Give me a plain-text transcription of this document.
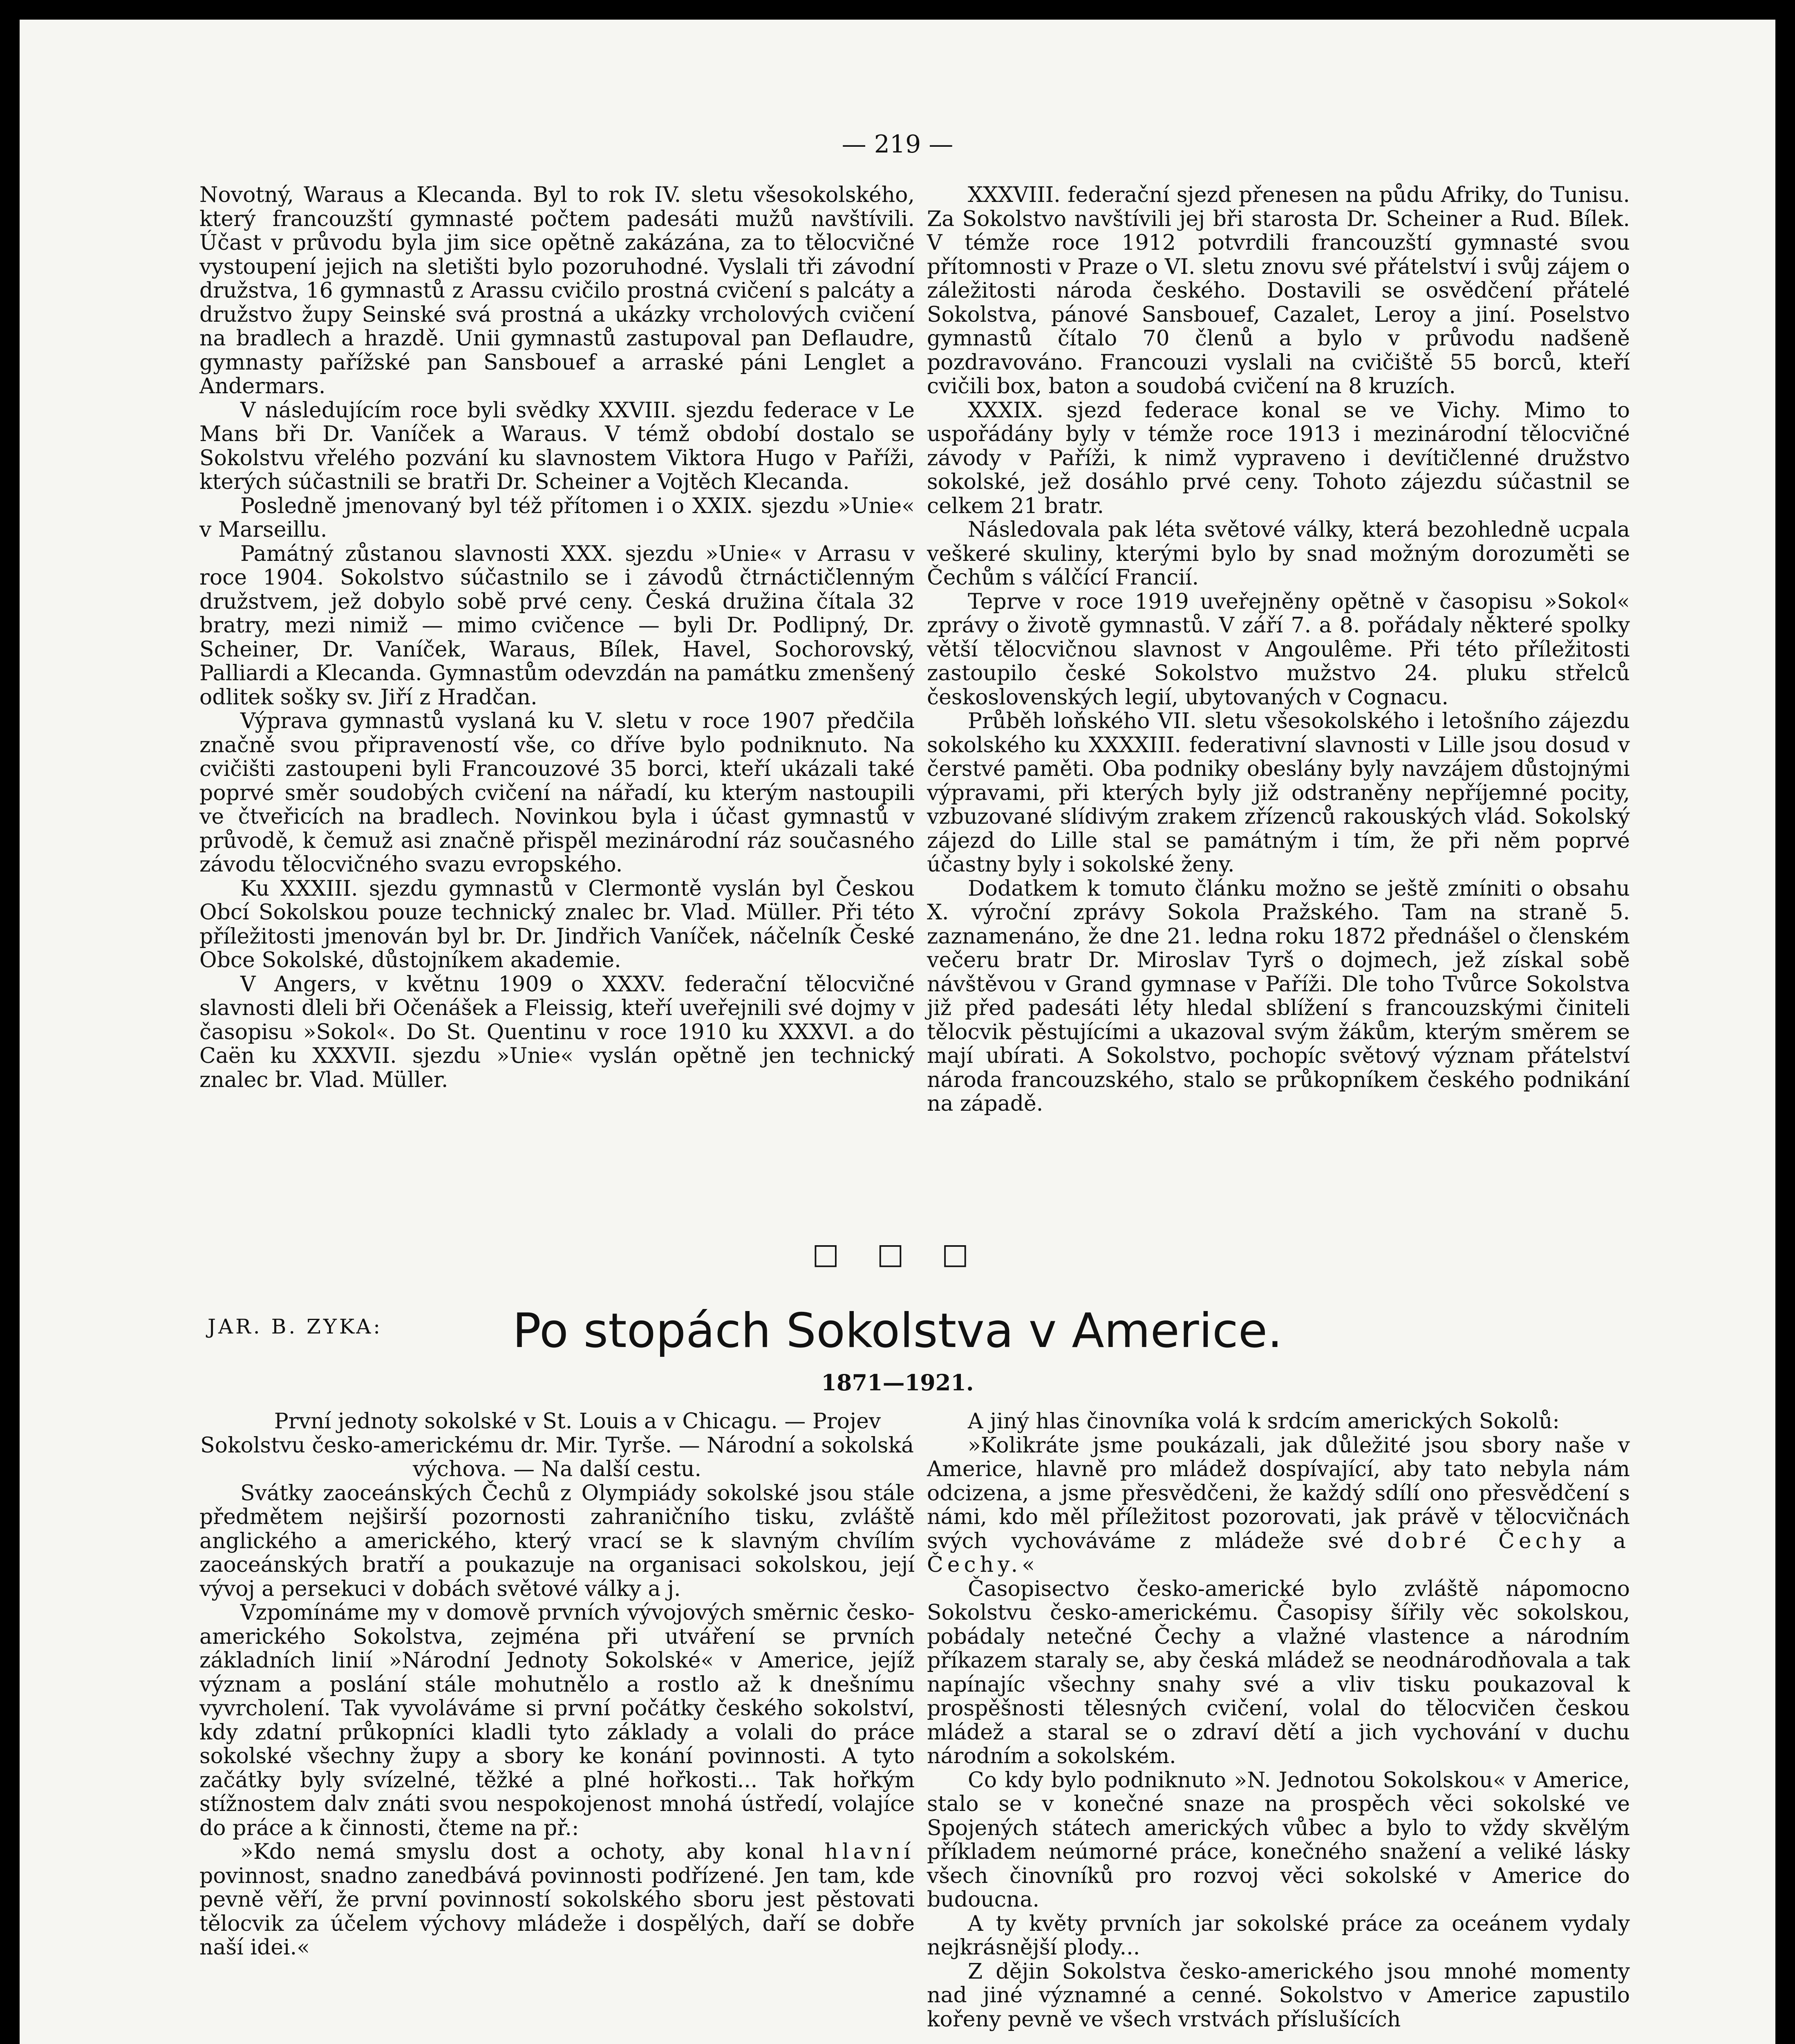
— 219 —

Novotný, Waraus a Klecanda. Byl to rok IV. sletu všesokolského, který francouzští gymnasté počtem padesáti mužů navštívili. Účast v průvodu byla jim sice opětně zakázána, za to tělocvičné vystoupení jejich na sletišti bylo pozoruhodné. Vyslali tři závodní družstva, 16 gymnastů z Arassu cvičilo prostná cvičení s palcáty a družstvo župy Seinské svá prostná a ukázky vrcholových cvičení na bradlech a hrazdě. Unii gymnastů zastupoval pan Deflaudre, gymnasty pařížské pan Sansbouef a arraské páni Lenglet a Andermars.

V následujícím roce byli svědky XXVIII. sjezdu federace v Le Mans bři Dr. Vaníček a Waraus. V témž období dostalo se Sokolstvu vřelého pozvání ku slavnostem Viktora Hugo v Paříži, kterých súčastnili se bratři Dr. Scheiner a Vojtěch Klecanda.

Posledně jmenovaný byl též přítomen i o XXIX. sjezdu »Unie« v Marseillu.

Památný zůstanou slavnosti XXX. sjezdu »Unie« v Arrasu v roce 1904. Sokolstvo súčastnilo se i závodů čtrnáctičlenným družstvem, jež dobylo sobě prvé ceny. Česká družina čítala 32 bratry, mezi nimiž — mimo cvičence — byli Dr. Podlipný, Dr. Scheiner, Dr. Vaníček, Waraus, Bílek, Havel, Sochorovský, Palliardi a Klecanda. Gymnastům odevzdán na památku zmenšený odlitek sošky sv. Jiří z Hradčan.

Výprava gymnastů vyslaná ku V. sletu v roce 1907 předčila značně svou připraveností vše, co dříve bylo podniknuto. Na cvičišti zastoupeni byli Francouzové 35 borci, kteří ukázali také poprvé směr soudobých cvičení na nářadí, ku kterým nastoupili ve čtveřicích na bradlech. Novinkou byla i účast gymnastů v průvodě, k čemuž asi značně přispěl mezinárodní ráz současného závodu tělocvičného svazu evropského.

Ku XXXIII. sjezdu gymnastů v Clermontě vyslán byl Českou Obcí Sokolskou pouze technický znalec br. Vlad. Müller. Při této příležitosti jmenován byl br. Dr. Jindřich Vaníček, náčelník České Obce Sokolské, důstojníkem akademie.

V Angers, v květnu 1909 o XXXV. federační tělocvičné slavnosti dleli bři Očenášek a Fleissig, kteří uveřejnili své dojmy v časopisu »Sokol«. Do St. Quentinu v roce 1910 ku XXXVI. a do Caën ku XXXVII. sjezdu »Unie« vyslán opětně jen technický znalec br. Vlad. Müller.

XXXVIII. federační sjezd přenesen na půdu Afriky, do Tunisu. Za Sokolstvo navštívili jej bři starosta Dr. Scheiner a Rud. Bílek. V témže roce 1912 potvrdili francouzští gymnasté svou přítomnosti v Praze o VI. sletu znovu své přátelství i svůj zájem o záležitosti národa českého. Dostavili se osvědčení přátelé Sokolstva, pánové Sansbouef, Cazalet, Leroy a jiní. Poselstvo gymnastů čítalo 70 členů a bylo v průvodu nadšeně pozdravováno. Francouzi vyslali na cvičiště 55 borců, kteří cvičili box, baton a soudobá cvičení na 8 kruzích.

XXXIX. sjezd federace konal se ve Vichy. Mimo to uspořádány byly v témže roce 1913 i mezinárodní tělocvičné závody v Paříži, k nimž vypraveno i devítičlenné družstvo sokolské, jež dosáhlo prvé ceny. Tohoto zájezdu súčastnil se celkem 21 bratr.

Následovala pak léta světové války, která bezohledně ucpala veškeré skuliny, kterými bylo by snad možným dorozuměti se Čechům s válčící Francií.

Teprve v roce 1919 uveřejněny opětně v časopisu »Sokol« zprávy o životě gymnastů. V září 7. a 8. pořádaly některé spolky větší tělocvičnou slavnost v Angoulême. Při této příležitosti zastoupilo české Sokolstvo mužstvo 24. pluku střelců československých legií, ubytovaných v Cognacu.

Průběh loňského VII. sletu všesokolského i letošního zájezdu sokolského ku XXXXIII. federativní slavnosti v Lille jsou dosud v čerstvé paměti. Oba podniky obeslány byly navzájem důstojnými výpravami, při kterých byly již odstraněny nepříjemné pocity, vzbuzované slídivým zrakem zřízenců rakouských vlád. Sokolský zájezd do Lille stal se památným i tím, že při něm poprvé účastny byly i sokolské ženy.

Dodatkem k tomuto článku možno se ještě zmíniti o obsahu X. výroční zprávy Sokola Pražského. Tam na straně 5. zaznamenáno, že dne 21. ledna roku 1872 přednášel o členském večeru bratr Dr. Miroslav Tyrš o dojmech, jež získal sobě návštěvou v Grand gymnase v Paříži. Dle toho Tvůrce Sokolstva již před padesáti léty hledal sblížení s francouzskými činiteli tělocvik pěstujícími a ukazoval svým žákům, kterým směrem se mají ubírati. A Sokolstvo, pochopíc světový význam přátelství národa francouzského, stalo se průkopníkem českého podnikání na západě.

□ □ □
JAR. B. ZYKA:	Po stopách Sokolstva v Americe.
1871—1921.

První jednoty sokolské v St. Louis a v Chicagu. — Projev Sokolstvu česko-americkému dr. Mir. Tyrše. — Národní a sokolská výchova. — Na další cestu.

Svátky zaoceánských Čechů z Olympiády sokolské jsou stále předmětem nejširší pozornosti zahraničního tisku, zvláště anglického a amerického, který vrací se k slavným chvílím zaoceánských bratří a poukazuje na organisaci sokolskou, její vývoj a persekuci v dobách světové války a j.

Vzpomínáme my v domově prvních vývojových směrnic česko-amerického Sokolstva, zejména při utváření se prvních základních linií »Národní Jednoty Sokolské« v Americe, jejíž význam a poslání stále mohutnělo a rostlo až k dnešnímu vyvrcholení. Tak vyvoláváme si první počátky českého sokolství, kdy zdatní průkopníci kladli tyto základy a volali do práce sokolské všechny župy a sbory ke konání povinnosti. A tyto začátky byly svízelné, těžké a plné hořkosti... Tak hořkým stížnostem dalv znáti svou nespokojenost mnohá ústředí, volajíce do práce a k činnosti, čteme na př.:

»Kdo nemá smyslu dost a ochoty, aby konal hlavní povinnost, snadno zanedbává povinnosti podřízené. Jen tam, kde pevně věří, že první povinností sokolského sboru jest pěstovati tělocvik za účelem výchovy mládeže i dospělých, daří se dobře naší idei.«

A jiný hlas činovníka volá k srdcím amerických Sokolů:

»Kolikráte jsme poukázali, jak důležité jsou sbory naše v Americe, hlavně pro mládež dospívající, aby tato nebyla nám odcizena, a jsme přesvědčeni, že každý sdílí ono přesvědčení s námi, kdo měl příležitost pozorovati, jak právě v tělocvičnách svých vychováváme z mládeže své dobré Čechy a Čechy.«

Časopisectvo česko-americké bylo zvláště nápomocno Sokolstvu česko-americkému. Časopisy šířily věc sokolskou, pobádaly netečné Čechy a vlažné vlastence a národním příkazem staraly se, aby česká mládež se neodnárodňovala a tak napínajíc všechny snahy své a vliv tisku poukazoval k prospěšnosti tělesných cvičení, volal do tělocvičen českou mládež a staral se o zdraví dětí a jich vychování v duchu národním a sokolském.

Co kdy bylo podniknuto »N. Jednotou Sokolskou« v Americe, stalo se v konečné snaze na prospěch věci sokolské ve Spojených státech amerických vůbec a bylo to vždy skvělým příkladem neúmorné práce, konečného snažení a veliké lásky všech činovníků pro rozvoj věci sokolské v Americe do budoucna.

A ty květy prvních jar sokolské práce za oceánem vydaly nejkrásnější plody...

Z dějin Sokolstva česko-amerického jsou mnohé momenty nad jiné významné a cenné. Sokolstvo v Americe zapustilo kořeny pevně ve všech vrstvách příslušících
